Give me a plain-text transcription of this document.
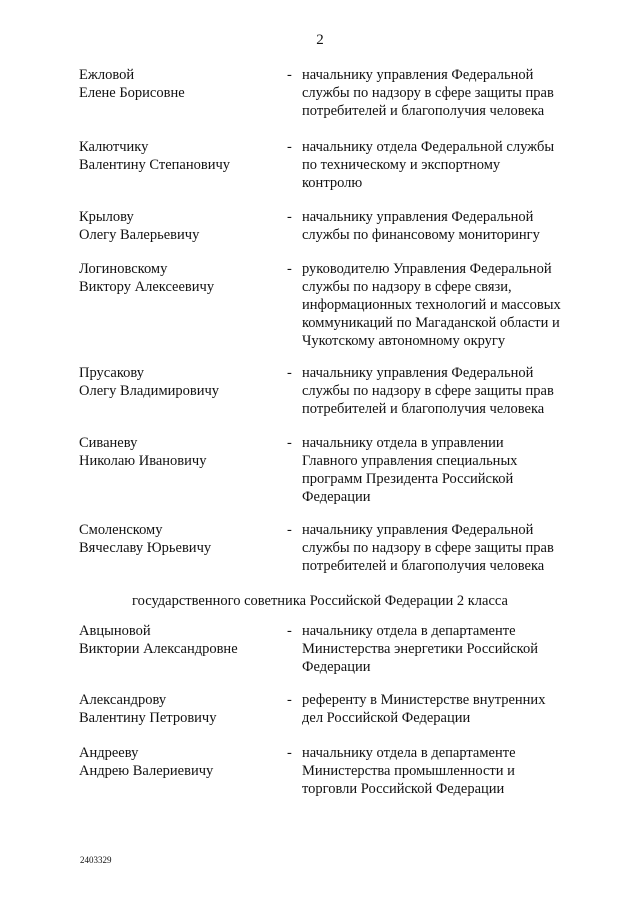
2
Ежловой
Елене Борисовне
- начальнику управления Федеральной
службы по надзору в сфере защиты прав
потребителей и благополучия человека
Калютчику
Валентину Степановичу
- начальнику отдела Федеральной службы
по техническому и экспортному
контролю
Крылову
Олегу Валерьевичу
- начальнику управления Федеральной
службы по финансовому мониторингу
Логиновскому
Виктору Алексеевичу
- руководителю Управления Федеральной
службы по надзору в сфере связи,
информационных технологий и массовых
коммуникаций по Магаданской области и
Чукотскому автономному округу
Прусакову
Олегу Владимировичу
- начальнику управления Федеральной
службы по надзору в сфере защиты прав
потребителей и благополучия человека
Сиваневу
Николаю Ивановичу
- начальнику отдела в управлении
Главного управления специальных
программ Президента Российской
Федерации
Смоленскому
Вячеславу Юрьевичу
- начальнику управления Федеральной
службы по надзору в сфере защиты прав
потребителей и благополучия человека
государственного советника Российской Федерации 2 класса
Авцыновой
Виктории Александровне
- начальнику отдела в департаменте
Министерства энергетики Российской
Федерации
Александрову
Валентину Петровичу
- референту в Министерстве внутренних
дел Российской Федерации
Андрееву
Андрею Валериевичу
- начальнику отдела в департаменте
Министерства промышленности и
торговли Российской Федерации
2403329
